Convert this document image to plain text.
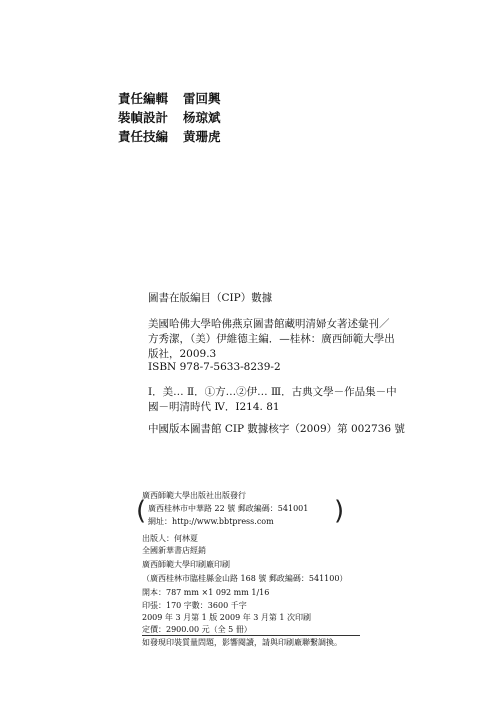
責任編輯 雷回興
裝幀設計 杨琼斌
責任技編 黄珊虎
圖書在版編目（CIP）數據
美國哈佛大學哈佛燕京圖書館藏明清婦女著述彙刊／
方秀潔，（美）伊維德主編．—桂林：廣西師範大學出
版社，2009.3
ISBN 978-7-5633-8239-2
Ⅰ．美… Ⅱ．①方…②伊… Ⅲ．古典文學－作品集－中
國－明清時代 Ⅳ．I214. 81
中國版本圖書館 CIP 數據核字（2009）第 002736 號
廣西師範大學出版社出版發行
(	)
廣西桂林市中華路 22 號 郵政編碼：541001
網址：http://www.bbtpress.com
出版人：何林夏
全國新華書店經銷
廣西師範大學印刷廠印刷
（廣西桂林市臨桂縣金山路 168 號 郵政編碼：541100）
開本：787 mm ×1 092 mm 1/16
印張：170 字數：3600 千字
2009 年 3 月第 1 版 2009 年 3 月第 1 次印刷
定價：2900.00 元（全 5 冊）
如發現印裝質量問題，影響閱讀，請與印刷廠聯繫調換。
